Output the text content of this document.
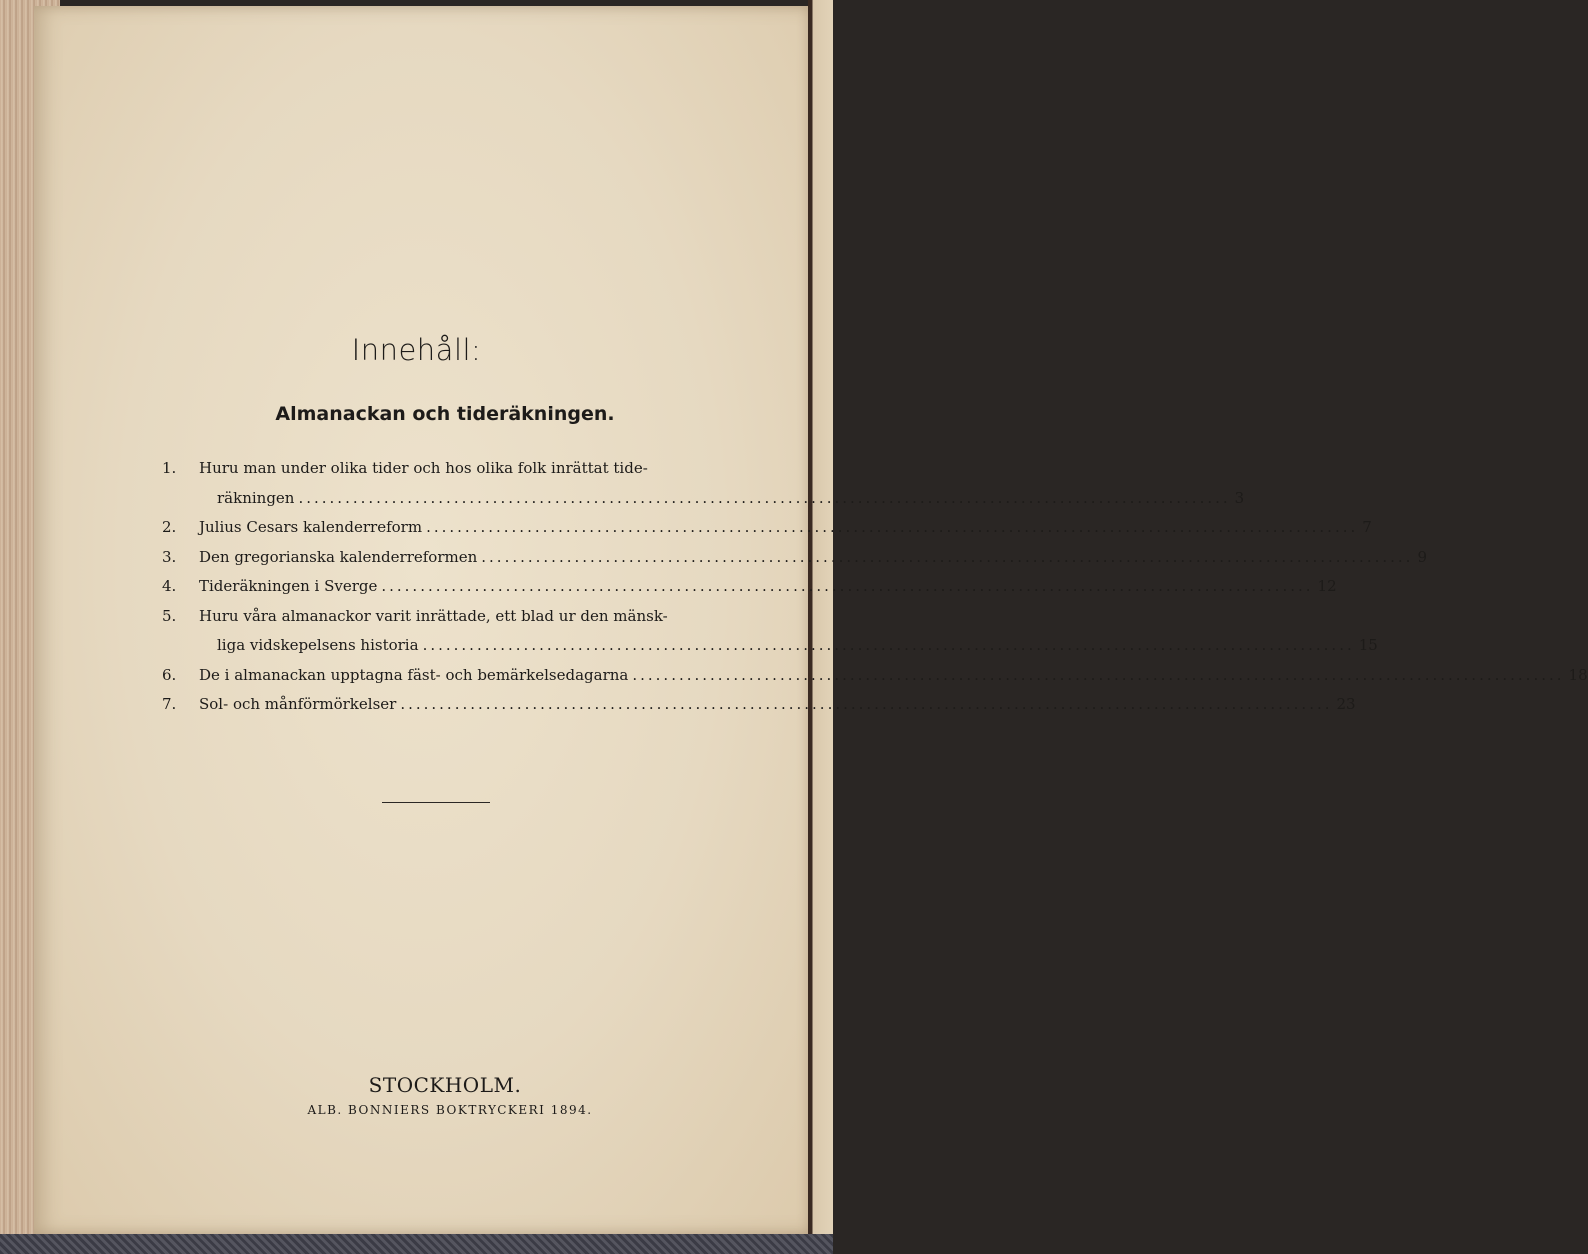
Innehåll:
Almanackan och tideräkningen.
1.	Huru man under olika tider och hos olika folk inrättat tide-
räkningen ........................................................................................................................ 3
2.	Julius Cesars kalenderreform ........................................................................................................................ 7
3.	Den gregorianska kalenderreformen ........................................................................................................................ 9
4.	Tideräkningen i Sverge ........................................................................................................................ 12
5.	Huru våra almanackor varit inrättade, ett blad ur den mänsk-
liga vidskepelsens historia ........................................................................................................................ 15
6.	De i almanackan upptagna fäst- och bemärkelsedagarna ........................................................................................................................ 18
7.	Sol- och månförmörkelser ........................................................................................................................ 23
STOCKHOLM.
ALB. BONNIERS BOKTRYCKERI 1894.
